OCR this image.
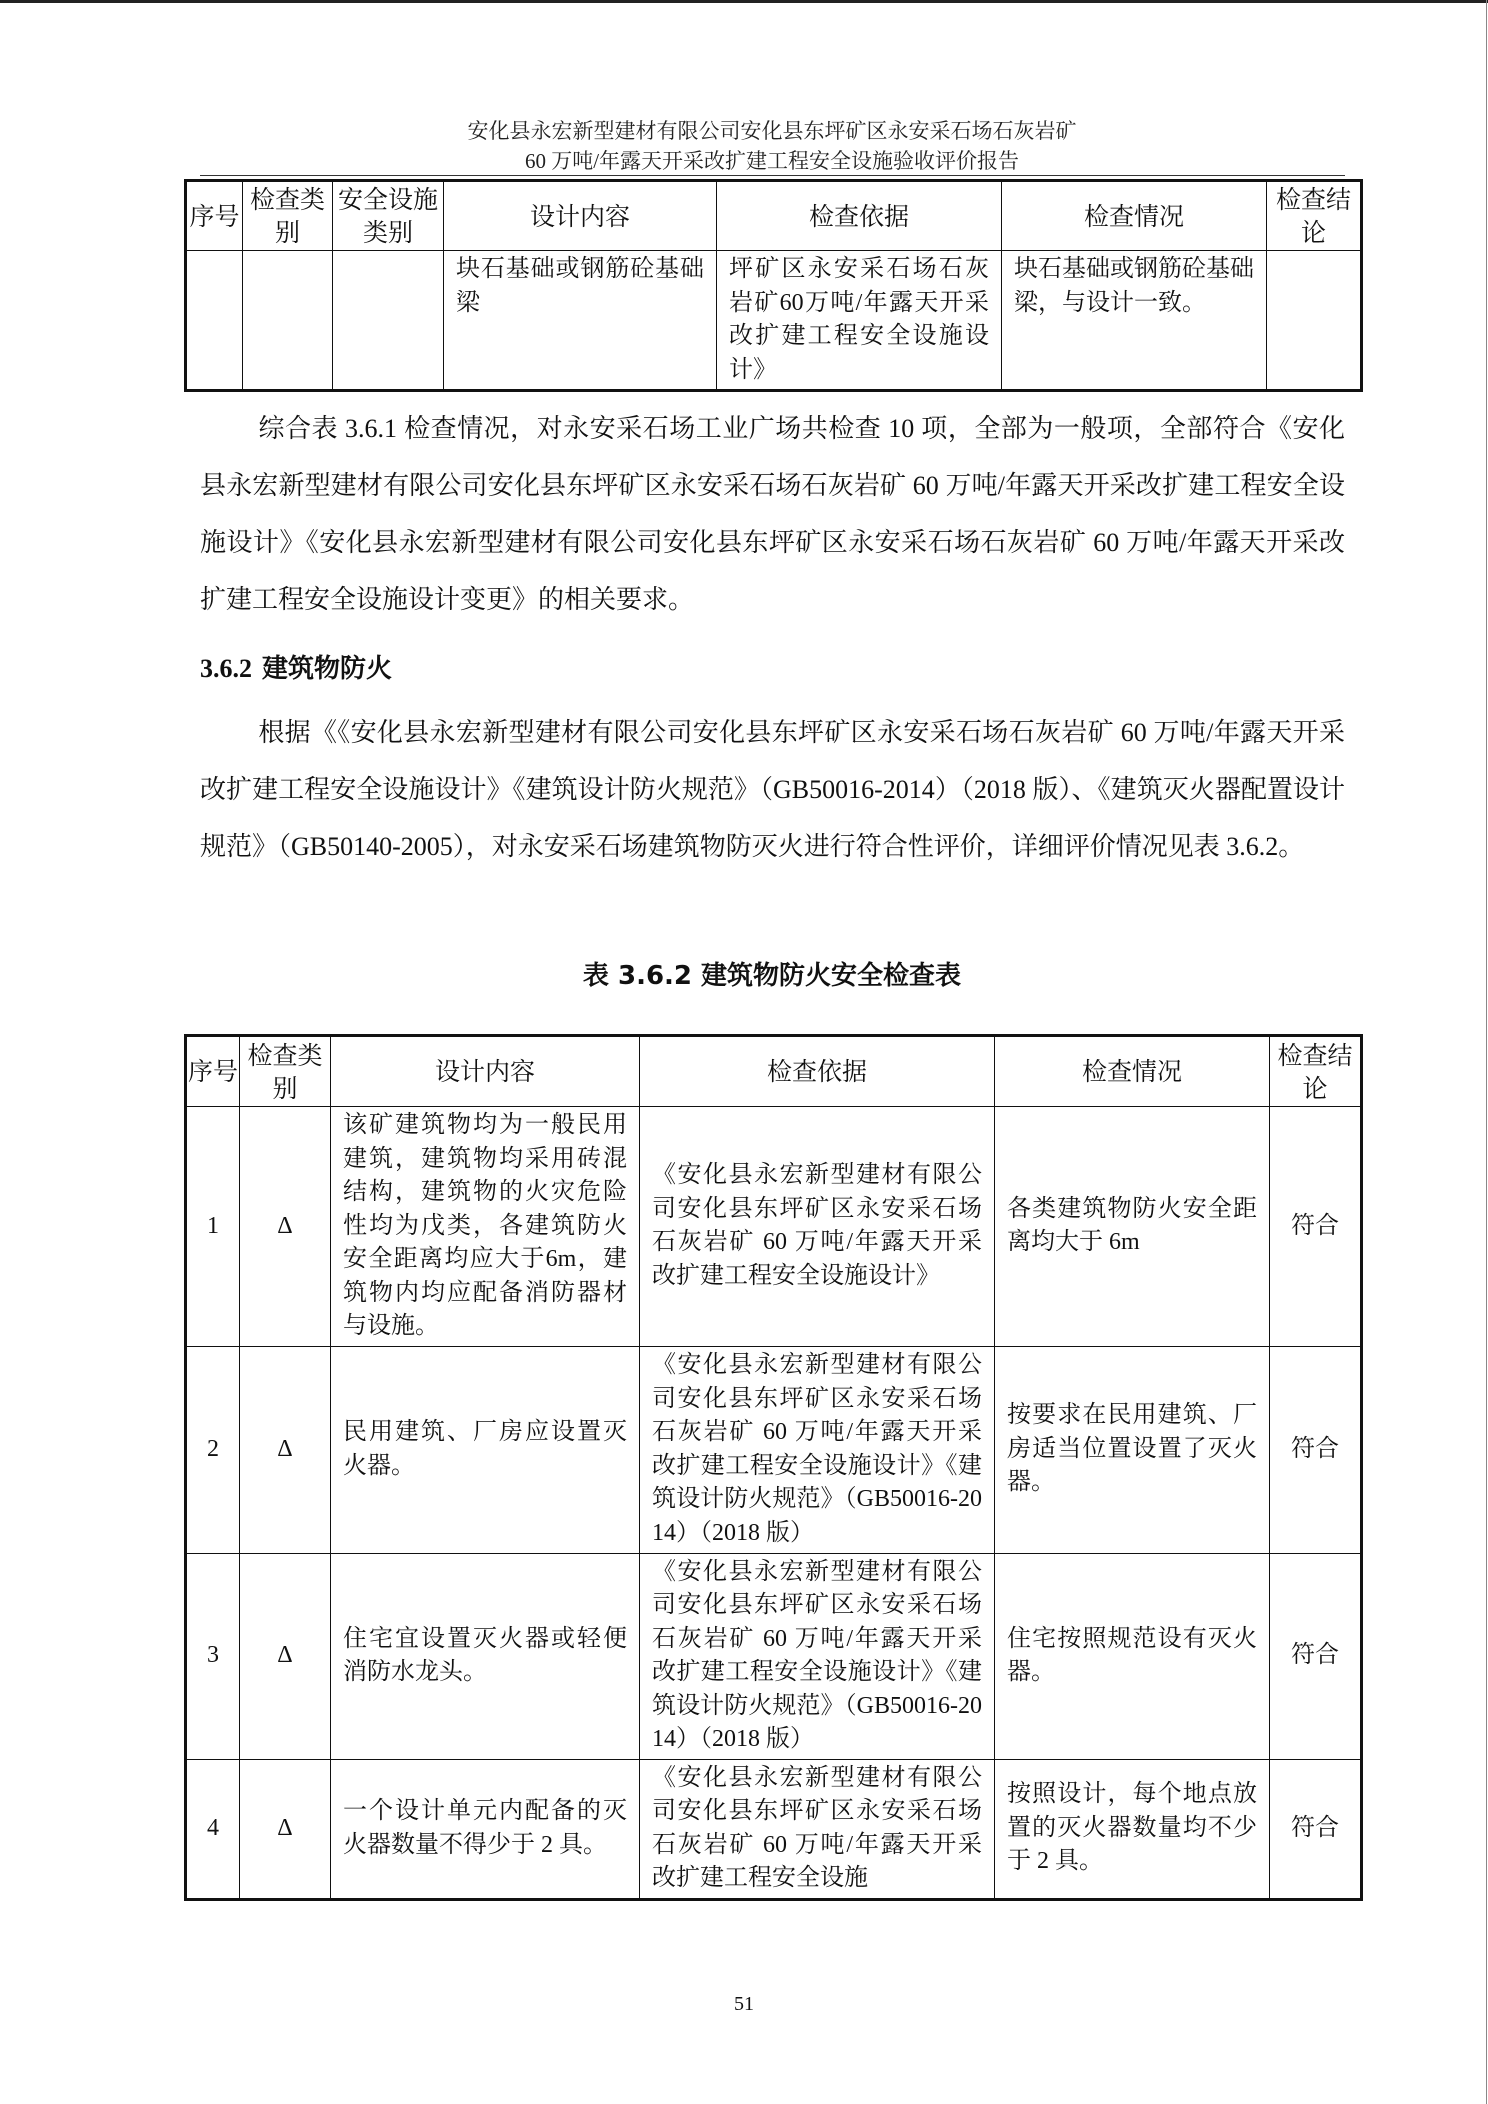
安化县永宏新型建材有限公司安化县东坪矿区永安采石场石灰岩矿
60 万吨/年露天开采改扩建工程安全设施验收评价报告
序号	检查类别	安全设施类别	设计内容	检查依据	检查情况	检查结论

			块石基础或钢筋砼基础梁	坪矿区永安采石场石灰岩矿60万吨/年露天开采改扩建工程安全设施设计》	块石基础或钢筋砼基础梁，与设计一致。	

综合表 3.6.1 检查情况，对永安采石场工业广场共检查 10 项，全部为一般项，全部符合《安化县永宏新型建材有限公司安化县东坪矿区永安采石场石灰岩矿 60 万吨/年露天开采改扩建工程安全设施设计》《安化县永宏新型建材有限公司安化县东坪矿区永安采石场石灰岩矿 60 万吨/年露天开采改扩建工程安全设施设计变更》的相关要求。
3.6.2 建筑物防火
根据《《安化县永宏新型建材有限公司安化县东坪矿区永安采石场石灰岩矿 60 万吨/年露天开采改扩建工程安全设施设计》《建筑设计防火规范》（GB50016-2014）（2018 版）、《建筑灭火器配置设计规范》（GB50140-2005），对永安采石场建筑物防灭火进行符合性评价，详细评价情况见表 3.6.2。
表 3.6.2 建筑物防火安全检查表
序号	检查类别	设计内容	检查依据	检查情况	检查结论
1	Δ	该矿建筑物均为一般民用建筑，建筑物均采用砖混结构，建筑物的火灾危险性均为戊类，各建筑防火安全距离均应大于6m，建筑物内均应配备消防器材与设施。	《安化县永宏新型建材有限公司安化县东坪矿区永安采石场石灰岩矿 60 万吨/年露天开采改扩建工程安全设施设计》	各类建筑物防火安全距离均大于 6m	符合
2	Δ	民用建筑、厂房应设置灭火器。	《安化县永宏新型建材有限公司安化县东坪矿区永安采石场石灰岩矿 60 万吨/年露天开采改扩建工程安全设施设计》《建筑设计防火规范》（GB50016-2014）（2018 版）	按要求在民用建筑、厂房适当位置设置了灭火器。	符合
3	Δ	住宅宜设置灭火器或轻便消防水龙头。	《安化县永宏新型建材有限公司安化县东坪矿区永安采石场石灰岩矿 60 万吨/年露天开采改扩建工程安全设施设计》《建筑设计防火规范》（GB50016-2014）（2018 版）	住宅按照规范设有灭火器。	符合
4	Δ	一个设计单元内配备的灭火器数量不得少于 2 具。	《安化县永宏新型建材有限公司安化县东坪矿区永安采石场石灰岩矿 60 万吨/年露天开采改扩建工程安全设施	按照设计，每个地点放置的灭火器数量均不少于 2 具。	符合
51
